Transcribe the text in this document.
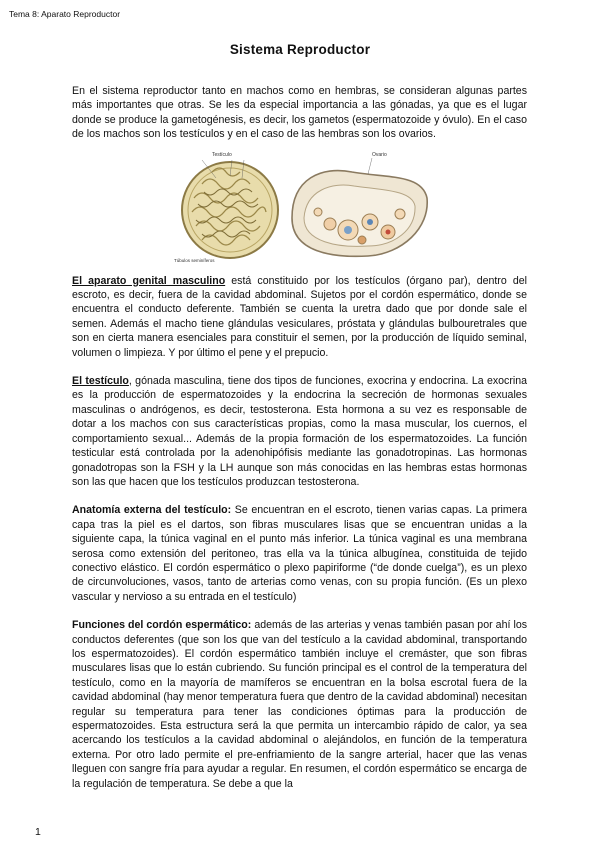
Tema 8: Aparato Reproductor
Sistema Reproductor

En el sistema reproductor tanto en machos como en hembras, se consideran algunas partes más importantes que otras. Se les da especial importancia a las gónadas, ya que es el lugar donde se produce la gametogénesis, es decir, los gametos (espermatozoide y óvulo). En el caso de los machos son los testículos y en el caso de las hembras son los ovarios.

Testículo
Túbulos seminíferos
Ovario

El aparato genital masculino está constituido por los testículos (órgano par), dentro del escroto, es decir, fuera de la cavidad abdominal. Sujetos por el cordón espermático, donde se encuentra el conducto deferente. También se cuenta la uretra dado que por donde sale el semen. Además el macho tiene glándulas vesiculares, próstata y glándulas bulbouretrales que son en cierta manera esenciales para constituir el semen, por la producción de líquido seminal, volumen o limpieza. Y por último el pene y el prepucio.

El testículo, gónada masculina, tiene dos tipos de funciones, exocrina y endocrina. La exocrina es la producción de espermatozoides y la endocrina la secreción de hormonas sexuales masculinas o andrógenos, es decir, testosterona. Esta hormona a su vez es responsable de dotar a los machos con sus características propias, como la masa muscular, los cuernos, el comportamiento sexual... Además de la propia formación de los espermatozoides. La función testicular está controlada por la adenohipófisis mediante las gonadotropinas. Las hormonas gonadotropas son la FSH y la LH aunque son más conocidas en las hembras estas hormonas son las que hacen que los testículos produzcan testosterona.

Anatomía externa del testículo: Se encuentran en el escroto, tienen varias capas. La primera capa tras la piel es el dartos, son fibras musculares lisas que se encuentran unidas a la siguiente capa, la túnica vaginal en el punto más inferior. La túnica vaginal es una membrana serosa como extensión del peritoneo, tras ella va la túnica albugínea, constituida de tejido conectivo elástico. El cordón espermático o plexo papiriforme (“de donde cuelga”), es un plexo de circunvoluciones, vasos, tanto de arterias como venas, con su propia función. (Es un plexo vascular y nervioso a su entrada en el testículo)

Funciones del cordón espermático: además de las arterias y venas también pasan por ahí los conductos deferentes (que son los que van del testículo a la cavidad abdominal, transportando los espermatozoides). El cordón espermático también incluye el cremáster, que son fibras musculares lisas que lo están cubriendo. Su función principal es el control de la temperatura del testículo, como en la mayoría de mamíferos se encuentran en la bolsa escrotal fuera de la cavidad abdominal (hay menor temperatura fuera que dentro de la cavidad abdominal) necesitan regular su temperatura para tener las condiciones óptimas para la producción de espermatozoides. Esta estructura será la que permita un intercambio rápido de calor, ya sea acercando los testículos a la cavidad abdominal o alejándolos, en función de la temperatura externa. Por otro lado permite el pre-enfriamiento de la sangre arterial, hacer que las venas lleguen con sangre fría para ayudar a regular. En resumen, el cordón espermático se encarga de la regulación de temperatura. Se debe a que la

1
